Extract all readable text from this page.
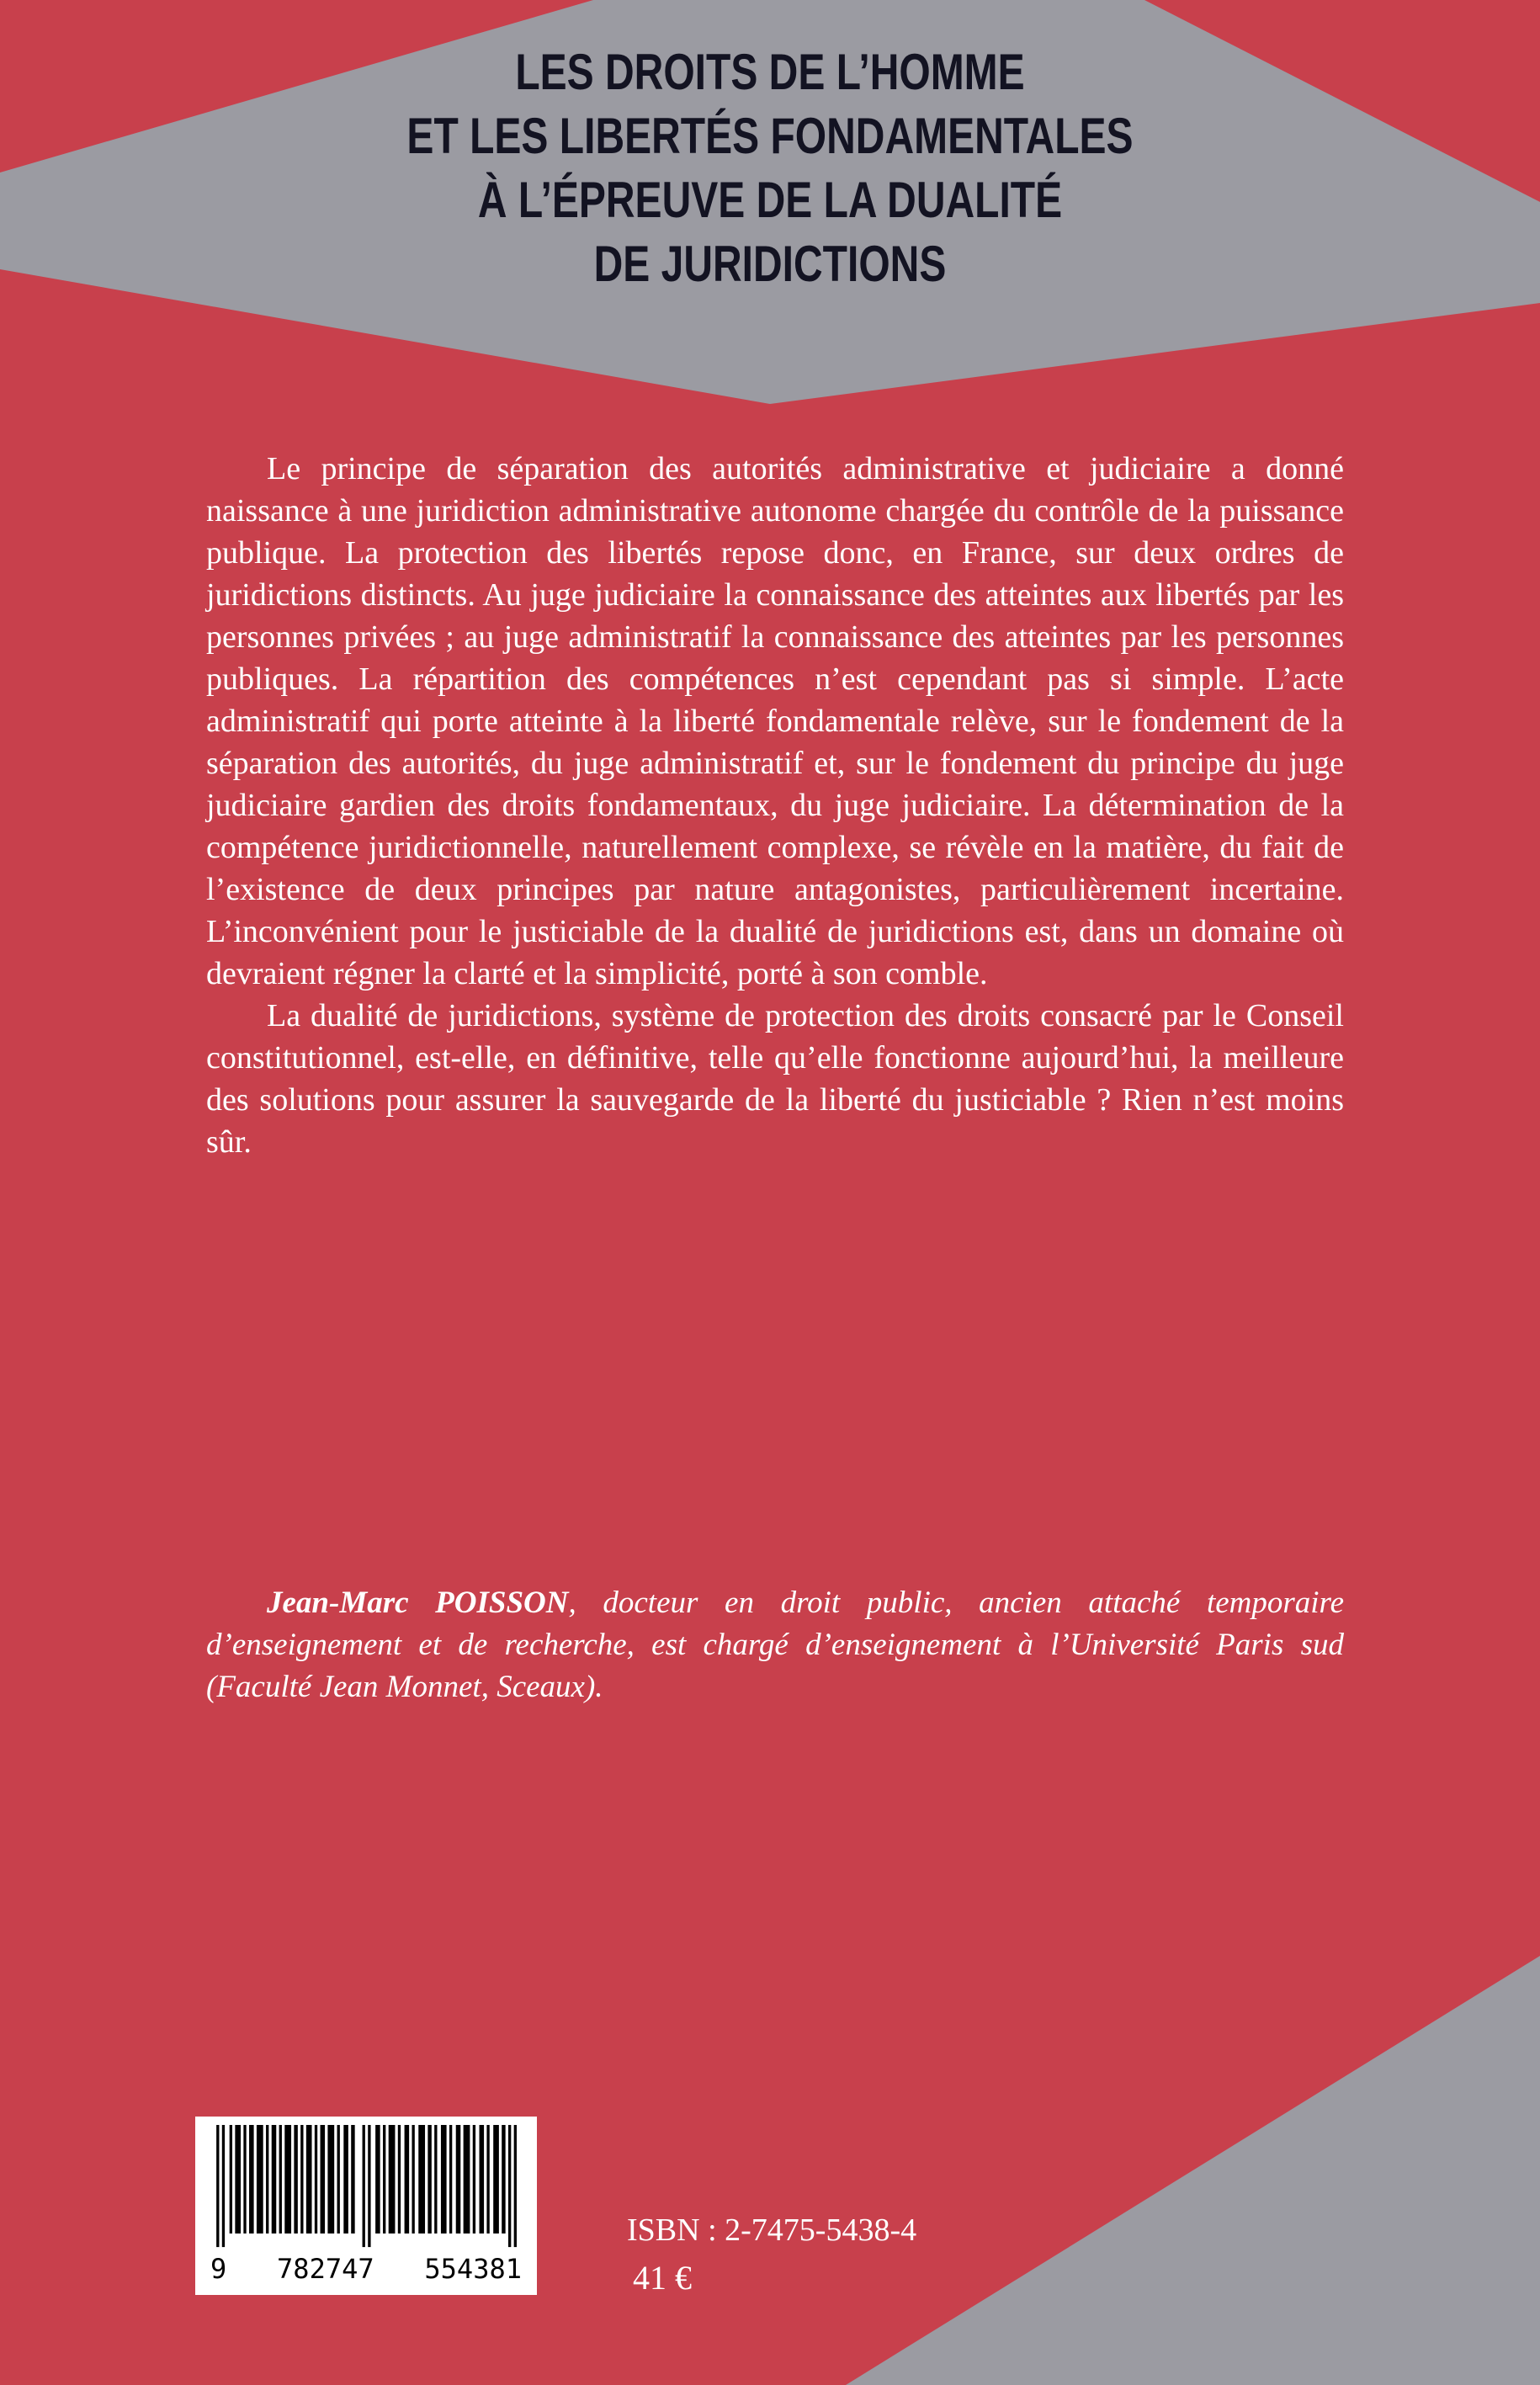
LES DROITS DE L’HOMME
ET LES LIBERTÉS FONDAMENTALES
À L’ÉPREUVE DE LA DUALITÉ
DE JURIDICTIONS

Le principe de séparation des autorités administrative et judiciaire a donné naissance à une juridiction administrative autonome chargée du contrôle de la puissance publique. La protection des libertés repose donc, en France, sur deux ordres de juridictions distincts. Au juge judiciaire la connaissance des atteintes aux libertés par les personnes privées ; au juge administratif la connaissance des atteintes par les personnes publiques. La répartition des compétences n’est cependant pas si simple. L’acte administratif qui porte atteinte à la liberté fondamentale relève, sur le fondement de la séparation des autorités, du juge administratif et, sur le fondement du principe du juge judiciaire gardien des droits fondamentaux, du juge judiciaire. La détermination de la compétence juridictionnelle, naturellement complexe, se révèle en la matière, du fait de l’existence de deux principes par nature antagonistes, particulièrement incertaine. L’inconvénient pour le justiciable de la dualité de juridictions est, dans un domaine où devraient régner la clarté et la simplicité, porté à son comble.

La dualité de juridictions, système de protection des droits consacré par le Conseil constitutionnel, est-elle, en définitive, telle qu’elle fonctionne aujourd’hui, la meilleure des solutions pour assurer la sauvegarde de la liberté du justiciable ? Rien n’est moins sûr.

Jean-Marc POISSON, docteur en droit public, ancien attaché temporaire d’enseignement et de recherche, est chargé d’enseignement à l’Université Paris sud (Faculté Jean Monnet, Sceaux).

9 782747 554381
ISBN : 2-7475-5438-4
41 €
